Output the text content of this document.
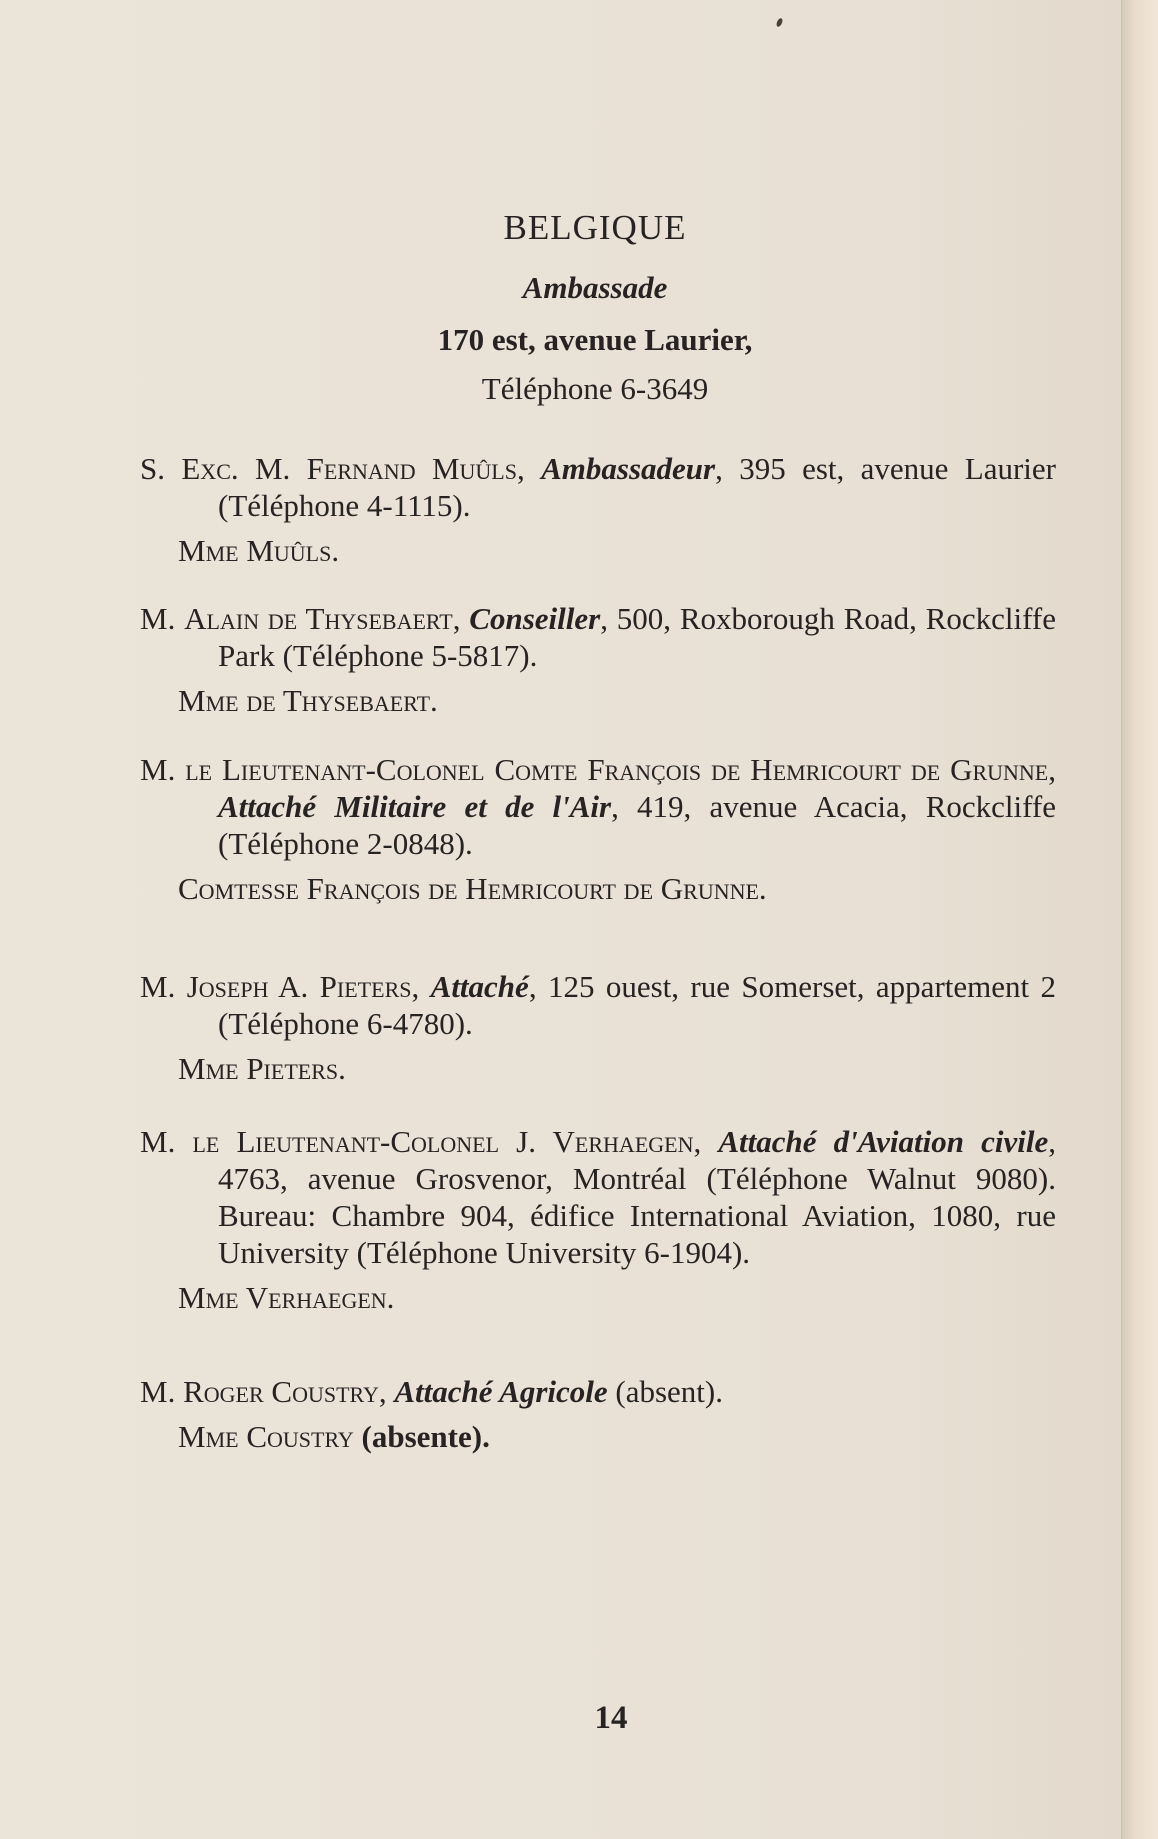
BELGIQUE
Ambassade
170 est, avenue Laurier,
Téléphone 6-3649
S. Exc. M. Fernand Muûls, Ambassadeur, 395 est, avenue Laurier (Téléphone 4-1115).
Mme Muûls.
M. Alain de Thysebaert, Conseiller, 500, Roxborough Road, Rockcliffe Park (Téléphone 5-5817).
Mme de Thysebaert.
M. le Lieutenant-Colonel Comte François de Hemricourt de Grunne, Attaché Militaire et de l'Air, 419, avenue Acacia, Rockcliffe (Téléphone 2-0848).
Comtesse François de Hemricourt de Grunne.
M. Joseph A. Pieters, Attaché, 125 ouest, rue Somerset, appartement 2 (Téléphone 6-4780).
Mme Pieters.
M. le Lieutenant-Colonel J. Verhaegen, Attaché d'Aviation civile, 4763, avenue Grosvenor, Montréal (Téléphone Walnut 9080). Bureau: Chambre 904, édifice International Aviation, 1080, rue University (Téléphone University 6-1904).
Mme Verhaegen.
M. Roger Coustry, Attaché Agricole (absent).
Mme Coustry (absente).
14
